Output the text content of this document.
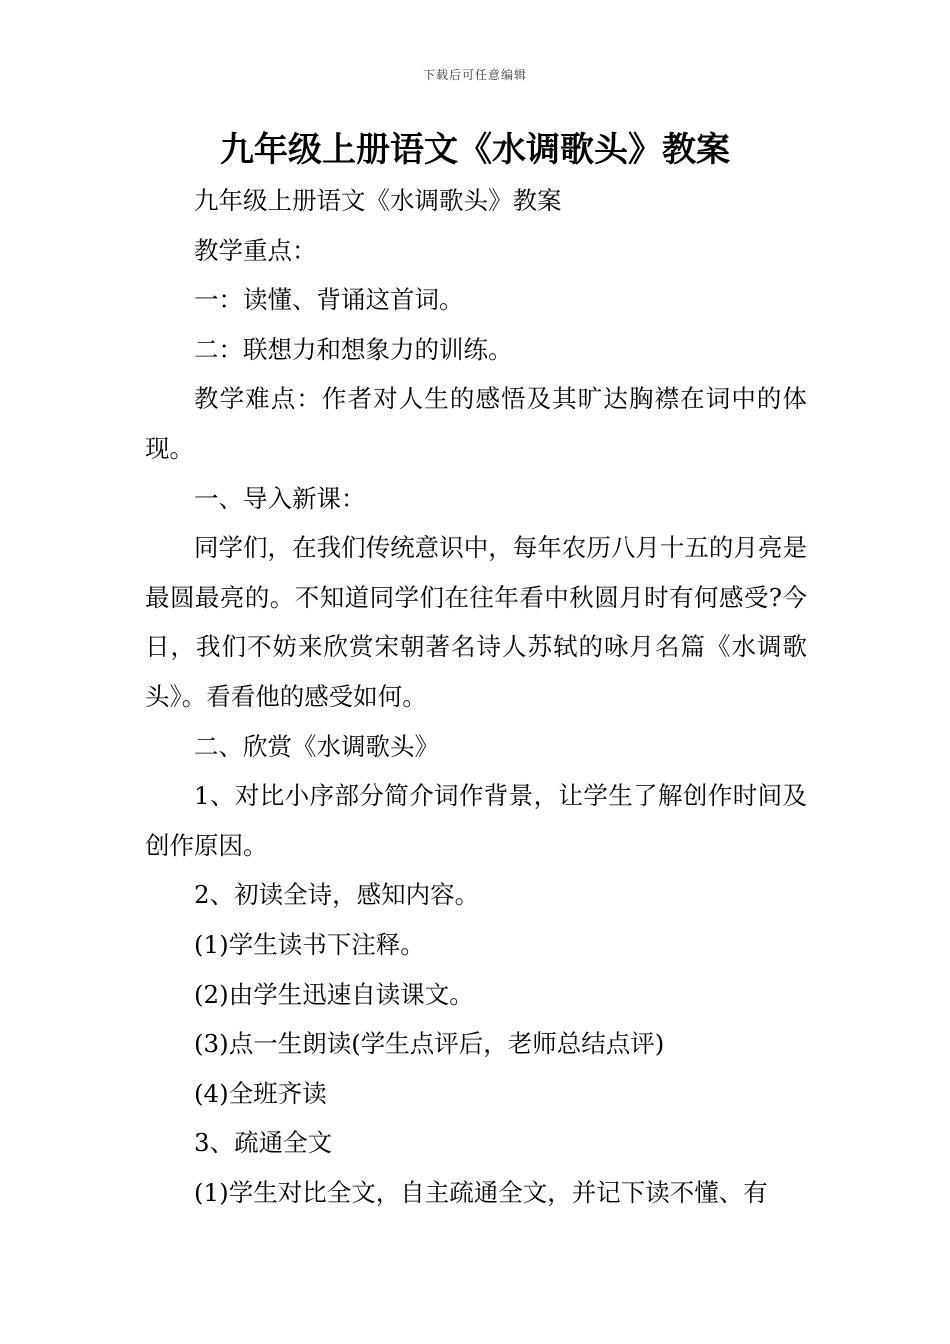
下载后可任意编辑
九年级上册语文《水调歌头》教案

九年级上册语文《水调歌头》教案

教学重点：

一：读懂、背诵这首词。

二：联想力和想象力的训练。

教学难点：作者对人生的感悟及其旷达胸襟在词中的体现。

一、导入新课：

同学们，在我们传统意识中，每年农历八月十五的月亮是最圆最亮的。不知道同学们在往年看中秋圆月时有何感受?今日，我们不妨来欣赏宋朝著名诗人苏轼的咏月名篇《水调歌头》。看看他的感受如何。

二、欣赏《水调歌头》

1、对比小序部分简介词作背景，让学生了解创作时间及创作原因。

2、初读全诗，感知内容。

(1)学生读书下注释。

(2)由学生迅速自读课文。

(3)点一生朗读(学生点评后，老师总结点评)

(4)全班齐读

3、疏通全文

(1)学生对比全文，自主疏通全文，并记下读不懂、有
